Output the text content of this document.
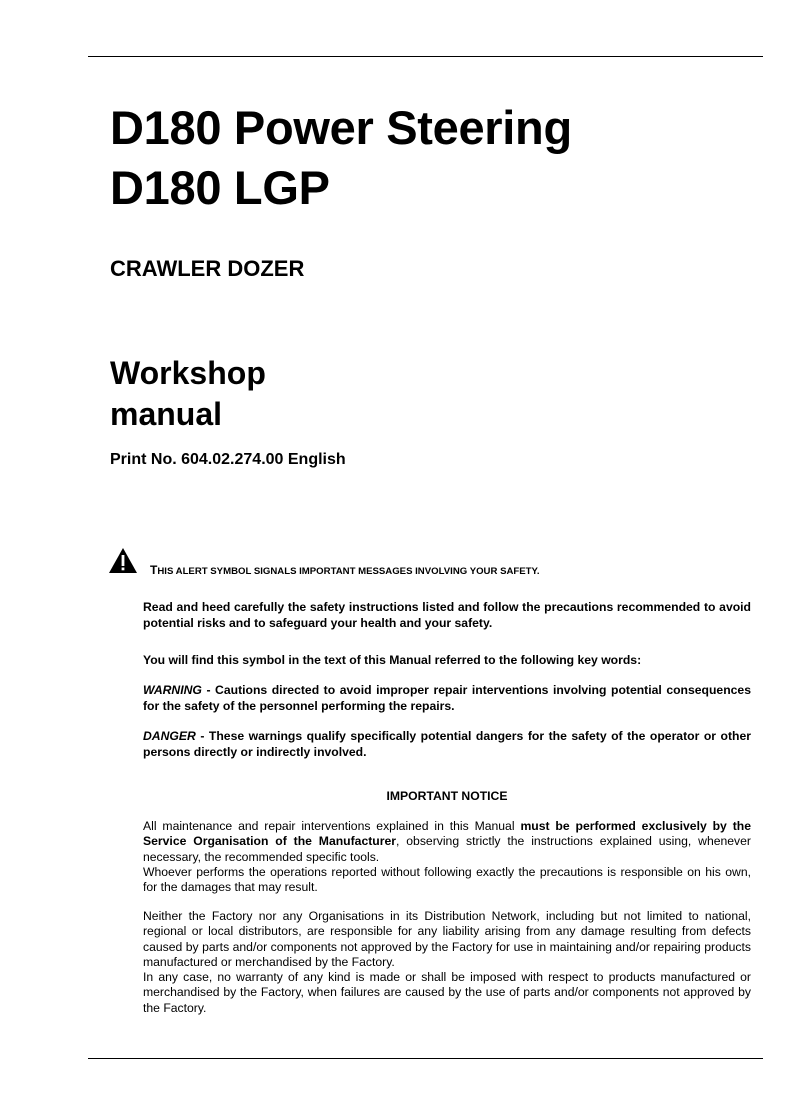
D180 Power Steering
D180 LGP
CRAWLER DOZER
Workshop
manual
Print No. 604.02.274.00 English
THIS ALERT SYMBOL SIGNALS IMPORTANT MESSAGES INVOLVING YOUR SAFETY.
Read and heed carefully the safety instructions listed and follow the precautions recommended to avoid potential risks and to safeguard your health and your safety.
You will find this symbol in the text of this Manual referred to the following key words:
WARNING - Cautions directed to avoid improper repair interventions involving potential consequences for the safety of the personnel performing the repairs.
DANGER - These warnings qualify specifically potential dangers for the safety of the operator or other persons directly or indirectly involved.
IMPORTANT NOTICE
All maintenance and repair interventions explained in this Manual must be performed exclusively by the Service Organisation of the Manufacturer, observing strictly the instructions explained using, whenever necessary, the recommended specific tools.
Whoever performs the operations reported without following exactly the precautions is responsible on his own, for the damages that may result.
Neither the Factory nor any Organisations in its Distribution Network, including but not limited to national, regional or local distributors, are responsible for any liability arising from any damage resulting from defects caused by parts and/or components not approved by the Factory for use in maintaining and/or repairing products manufactured or merchandised by the Factory.
In any case, no warranty of any kind is made or shall be imposed with respect to products manufactured or merchandised by the Factory, when failures are caused by the use of parts and/or components not approved by the Factory.
